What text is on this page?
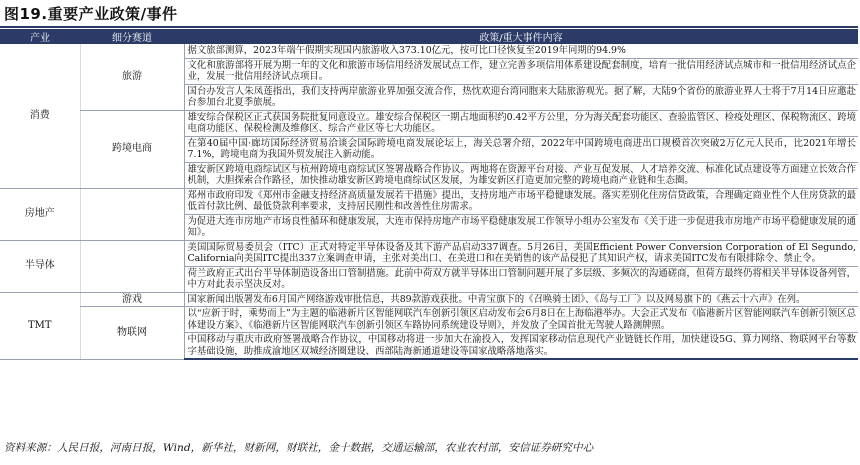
图19.重要产业政策/事件
产业	细分赛道	政策/重大事件内容
消费	旅游	据文旅部测算，2023年端午假期实现国内旅游收入373.10亿元，按可比口径恢复至2019年同期的94.9%
		文化和旅游部将开展为期一年的文化和旅游市场信用经济发展试点工作，建立完善多项信用体系建设配套制度，培育一批信用经济试点城市和一批信用经济试点企业，发展一批信用经济试点项目。
		国台办发言人朱凤莲指出，我们支持两岸旅游业界加强交流合作，热忱欢迎台湾同胞来大陆旅游观光。据了解，大陆9个省份的旅游业界人士将于7月14日应邀赴台参加台北夏季旅展。
	跨境电商	雄安综合保税区正式获国务院批复同意设立。雄安综合保税区一期占地面积约0.42平方公里，分为海关配套功能区、查验监管区、检疫处理区、保税物流区、跨境电商功能区、保税检测及维修区、综合产业区等七大功能区。
		在第40届中国·廊坊国际经济贸易洽谈会国际跨境电商发展论坛上，海关总署介绍，2022年中国跨境电商进出口规模首次突破2万亿元人民币，比2021年增长7.1%，跨境电商为我国外贸发展注入新动能。
		雄安新区跨境电商综试区与杭州跨境电商综试区签署战略合作协议。两地将在资源平台对接、产业互促发展、人才培养交流、标准化试点建设等方面建立长效合作机制，大胆探索合作路径，加快推动雄安新区跨境电商综试区发展，为雄安新区打造更加完整的跨境电商产业链和生态圈。
房地产		郑州市政府印发《郑州市金融支持经济高质量发展若干措施》提出，支持房地产市场平稳健康发展。落实差别化住房信贷政策，合理确定商业性个人住房贷款的最低首付款比例、最低贷款利率要求，支持居民刚性和改善性住房需求。
		为促进大连市房地产市场良性循环和健康发展，大连市保持房地产市场平稳健康发展工作领导小组办公室发布《关于进一步促进我市房地产市场平稳健康发展的通知》。
半导体		美国国际贸易委员会（ITC）正式对特定半导体设备及其下游产品启动337调查。5月26日，美国Efficient Power Conversion Corporation of El Segundo, California向美国ITC提出337立案调查申请，主张对美出口、在美进口和在美销售的该产品侵犯了其知识产权，请求美国ITC发布有限排除令、禁止令。
		荷兰政府正式出台半导体制造设备出口管制措施。此前中荷双方就半导体出口管制问题开展了多层级、多频次的沟通磋商，但荷方最终仍将相关半导体设备列管，中方对此表示坚决反对。
TMT	游戏	国家新闻出版署发布6月国产网络游戏审批信息，共89款游戏获批。中青宝旗下的《召唤骑士团》、《岛与工厂》以及网易旗下的《燕云十六声》在列。
	物联网	以“应新于时，乘势而上”为主题的临港新片区智能网联汽车创新引领区启动发布会6月8日在上海临港举办。大会正式发布《临港新片区智能网联汽车创新引领区总体建设方案》、《临港新片区智能网联汽车创新引领区车路协同系统建设导则》，并发放了全国首批无驾驶人路测牌照。
		中国移动与重庆市政府签署战略合作协议，中国移动将进一步加大在渝投入，发挥国家移动信息现代产业链链长作用，加快建设5G、算力网络、物联网平台等数字基础设施，助推成渝地区双城经济圈建设、西部陆海新通道建设等国家战略落地落实。
资料来源：人民日报，河南日报，Wind，新华社，财新网，财联社，金十数据，交通运输部，农业农村部，安信证券研究中心
